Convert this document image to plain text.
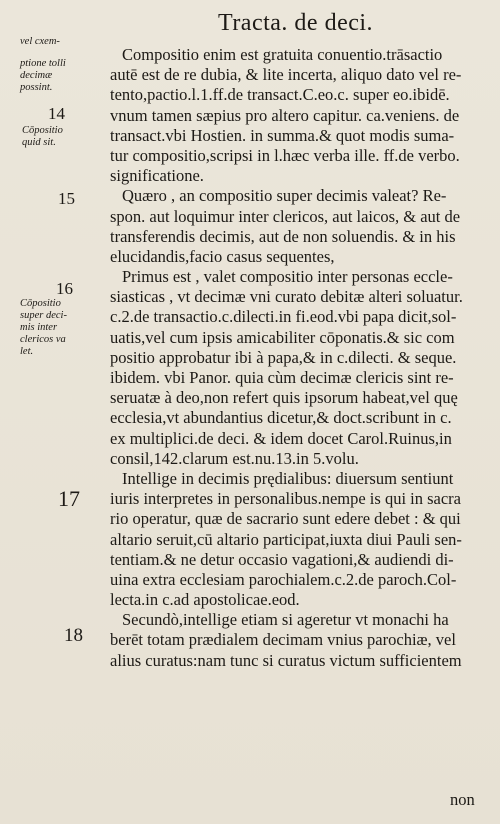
Tracta. de deci.
vel cxem-
ptione tolli
decimæ
possint.
14
Cōpositio
quid sit.
15
16
Cōpositio
super deci-
mis inter
clericos va
let.
17
18
Compositio enim est gratuita conuentio.trāsactio
autē est de re dubia, & lite incerta, aliquo dato vel re-
tento,pactio.l.1.ff.de transact.C.eo.c. super eo.ibidē.
vnum tamen sæpius pro altero capitur. ca.veniens. de
transact.vbi Hostien. in summa.& quot modis suma-
tur compositio,scripsi in l.hæc verba ille. ff.de verbo.
significatione.
Quæro , an compositio super decimis valeat? Re-
spon. aut loquimur inter clericos, aut laicos, & aut de
transferendis decimis, aut de non soluendis. & in his
elucidandis,facio casus sequentes,
Primus est , valet compositio inter personas eccle-
siasticas , vt decimæ vni curato debitæ alteri soluatur.
c.2.de transactio.c.dilecti.in fi.eod.vbi papa dicit,sol-
uatis,vel cum ipsis amicabiliter cōponatis.& sic com
positio approbatur ibi à papa,& in c.dilecti. & seque.
ibidem. vbi Panor. quia cùm decimæ clericis sint re-
seruatæ à deo,non refert quis ipsorum habeat,vel quę
ecclesia,vt abundantius dicetur,& doct.scribunt in c.
ex multiplici.de deci. & idem docet Carol.Ruinus,in
consil,142.clarum est.nu.13.in 5.volu.
Intellige in decimis prędialibus: diuersum sentiunt
iuris interpretes in personalibus.nempe is qui in sacra
rio operatur, quæ de sacrario sunt edere debet : & qui
altario seruit,cū altario participat,iuxta diui Pauli sen-
tentiam.& ne detur occasio vagationi,& audiendi di-
uina extra ecclesiam parochialem.c.2.de paroch.Col-
lecta.in c.ad apostolicae.eod.
Secundò,intellige etiam si ageretur vt monachi ha
berēt totam prædialem decimam vnius parochiæ, vel
alius curatus:nam tunc si curatus victum sufficientem
non
